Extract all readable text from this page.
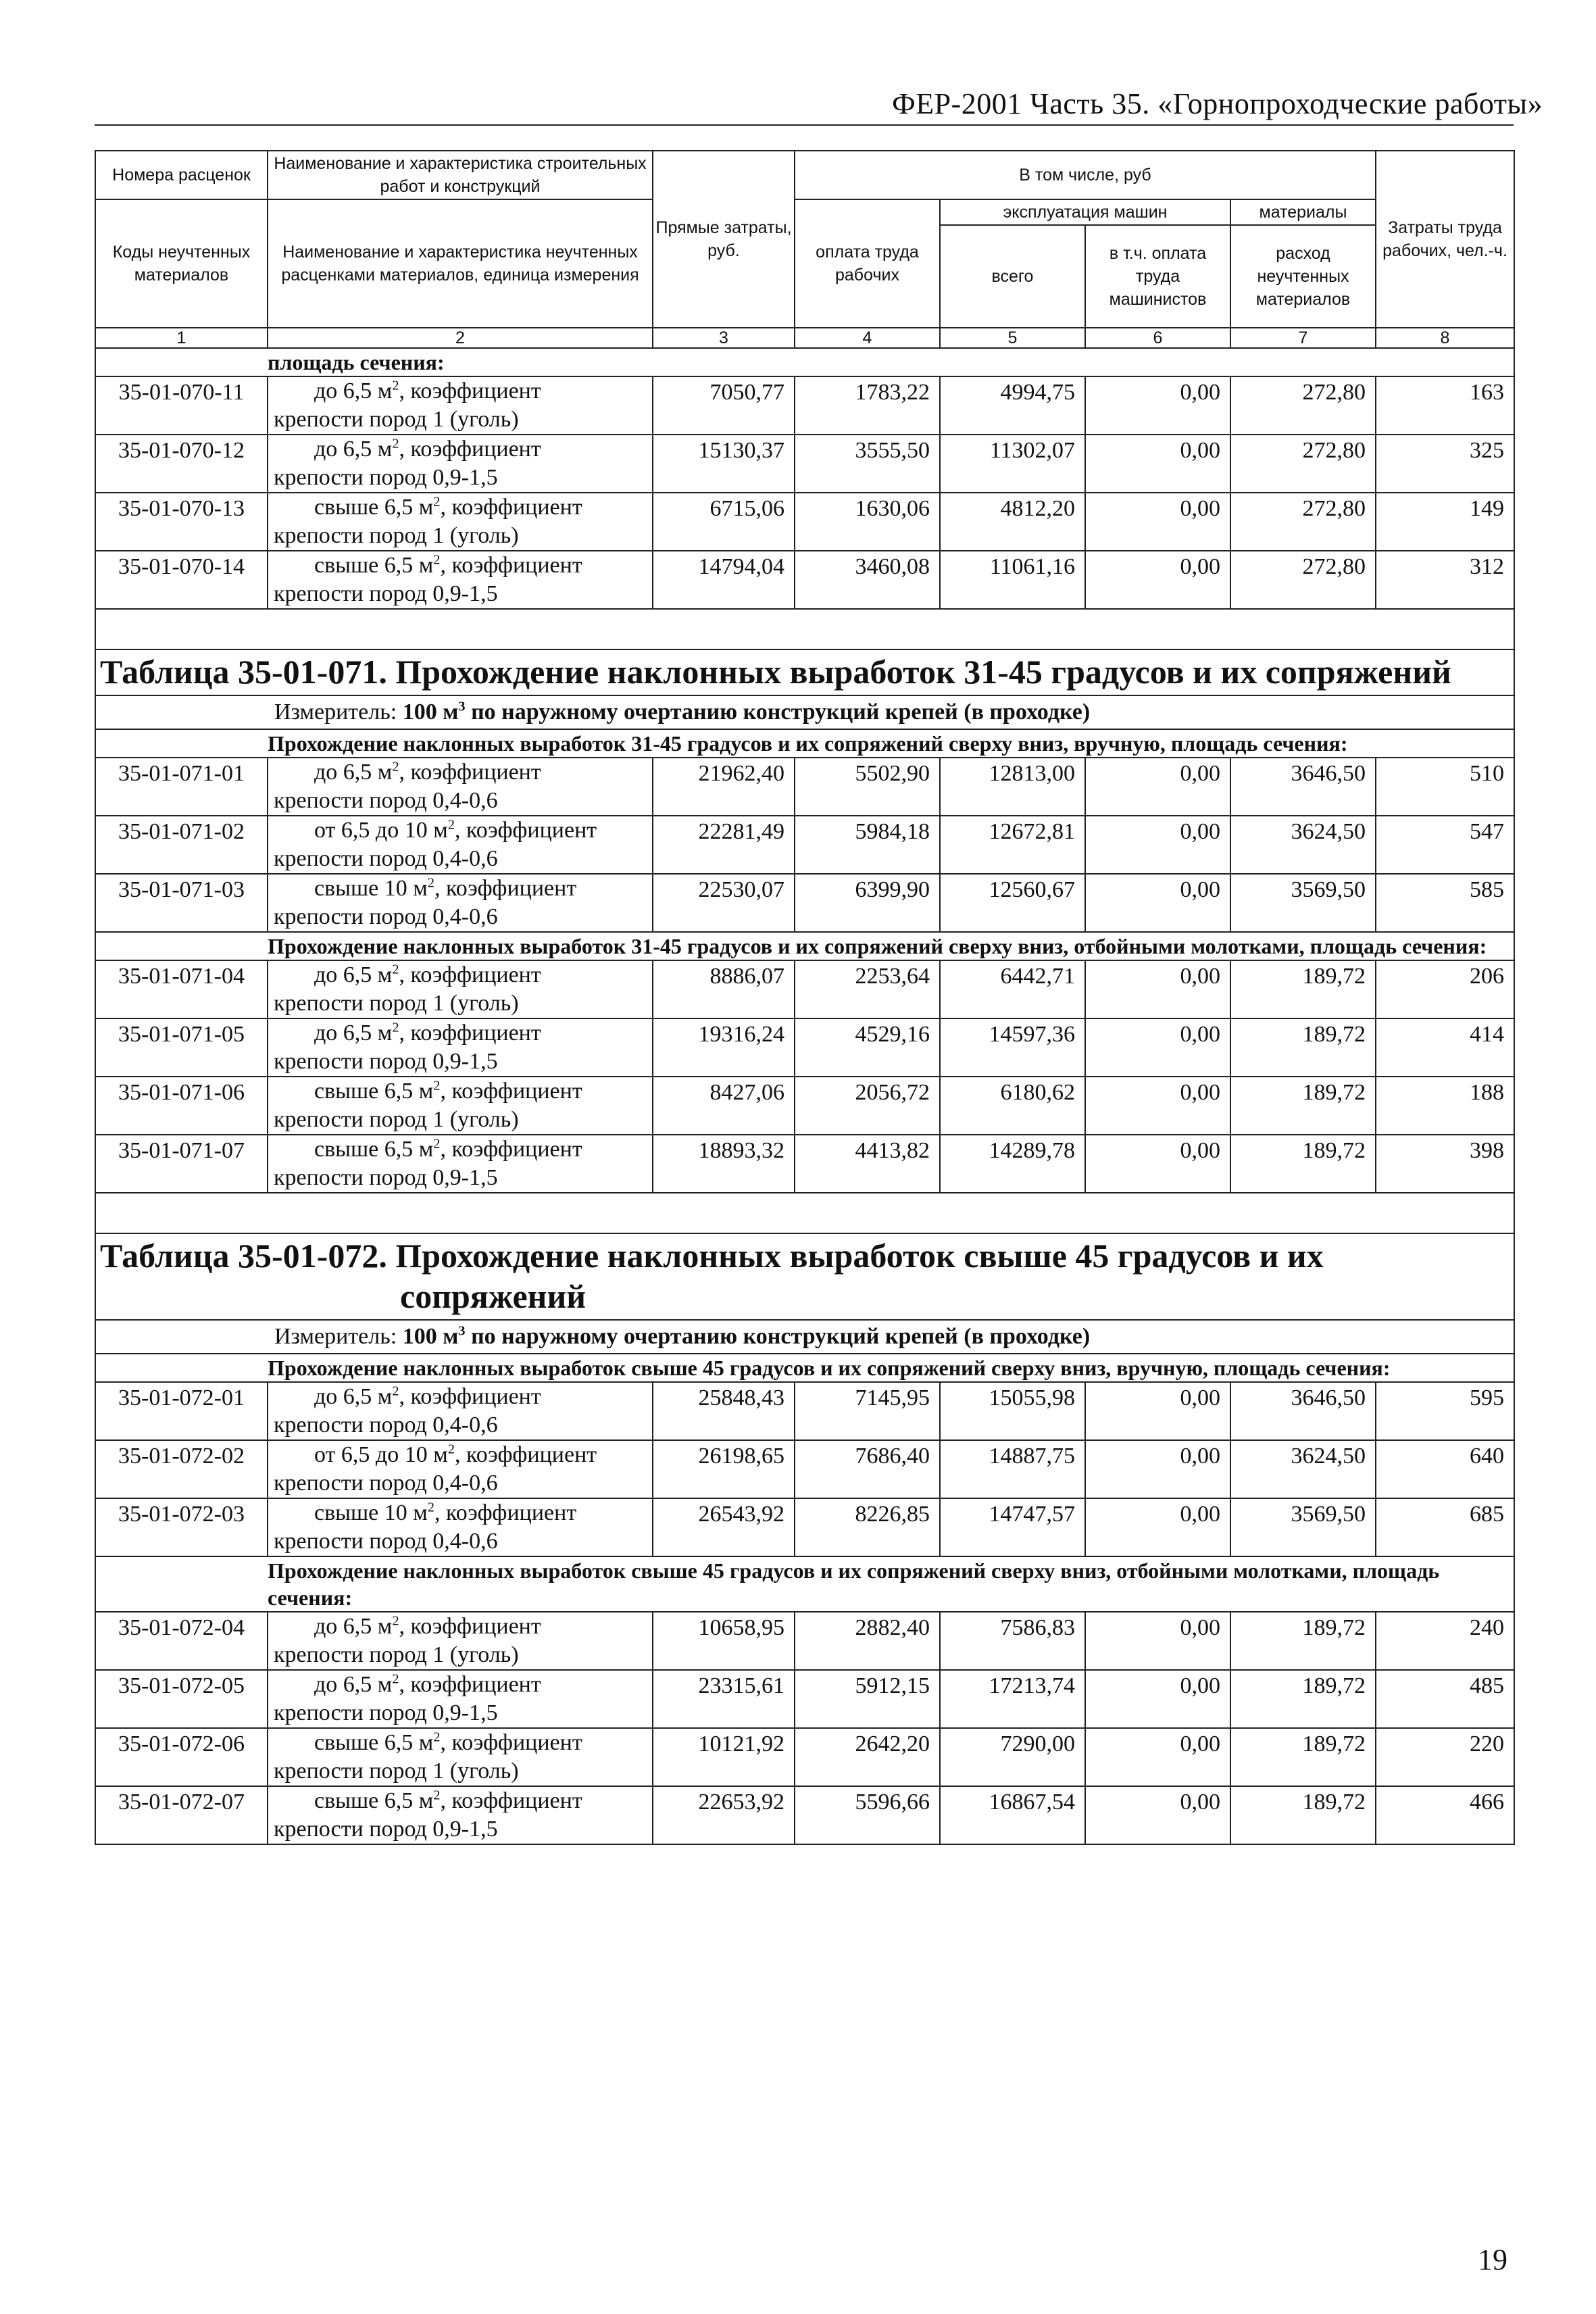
ФЕР-2001 Часть 35. «Горнопроходческие работы»
Номера расценок	Наименование и характеристика строительных работ и конструкций	Прямые затраты, руб.	В том числе, руб				Затраты труда рабочих, чел.-ч.
Коды неучтенных материалов	Наименование и характеристика неучтенных расценками материалов, единица измерения		оплата труда рабочих	эксплуатация машин		материалы	
				всего	в т.ч. оплата труда машинистов	расход неучтенных материалов	
1	2	3	4	5	6	7	8
площадь сечения:							
35-01-070-11	до 6,5 $м^2$, коэффициент
крепости пород 1 (уголь)	7050,77	1783,22	4994,75	0,00	272,80	163
35-01-070-12	до 6,5 $м^2$, коэффициент
крепости пород 0,9-1,5	15130,37	3555,50	11302,07	0,00	272,80	325
35-01-070-13	свыше 6,5 $м^2$, коэффициент
крепости пород 1 (уголь)	6715,06	1630,06	4812,20	0,00	272,80	149
35-01-070-14	свыше 6,5 $м^2$, коэффициент
крепости пород 0,9-1,5	14794,04	3460,08	11061,16	0,00	272,80	312

Таблица 35-01-071. Прохождение наклонных выработок 31-45 градусов и их сопряжений							
Измеритель: 100 $м^3$ по наружному очертанию конструкций крепей (в проходке)							
Прохождение наклонных выработок 31-45 градусов и их сопряжений сверху вниз, вручную, площадь сечения:							
35-01-071-01	до 6,5 $м^2$, коэффициент
крепости пород 0,4-0,6	21962,40	5502,90	12813,00	0,00	3646,50	510
35-01-071-02	от 6,5 до 10 $м^2$, коэффициент
крепости пород 0,4-0,6	22281,49	5984,18	12672,81	0,00	3624,50	547
35-01-071-03	свыше 10 $м^2$, коэффициент
крепости пород 0,4-0,6	22530,07	6399,90	12560,67	0,00	3569,50	585
Прохождение наклонных выработок 31-45 градусов и их сопряжений сверху вниз, отбойными молотками, площадь сечения:							
35-01-071-04	до 6,5 $м^2$, коэффициент
крепости пород 1 (уголь)	8886,07	2253,64	6442,71	0,00	189,72	206
35-01-071-05	до 6,5 $м^2$, коэффициент
крепости пород 0,9-1,5	19316,24	4529,16	14597,36	0,00	189,72	414
35-01-071-06	свыше 6,5 $м^2$, коэффициент
крепости пород 1 (уголь)	8427,06	2056,72	6180,62	0,00	189,72	188
35-01-071-07	свыше 6,5 $м^2$, коэффициент
крепости пород 0,9-1,5	18893,32	4413,82	14289,78	0,00	189,72	398

Таблица 35-01-072. Прохождение наклонных выработок свыше 45 градусов и их
сопряжений							

Измеритель: 100 $м^3$ по наружному очертанию конструкций крепей (в проходке)							
Прохождение наклонных выработок свыше 45 градусов и их сопряжений сверху вниз, вручную, площадь сечения:							
35-01-072-01	до 6,5 $м^2$, коэффициент
крепости пород 0,4-0,6	25848,43	7145,95	15055,98	0,00	3646,50	595
35-01-072-02	от 6,5 до 10 $м^2$, коэффициент
крепости пород 0,4-0,6	26198,65	7686,40	14887,75	0,00	3624,50	640
35-01-072-03	свыше 10 $м^2$, коэффициент
крепости пород 0,4-0,6	26543,92	8226,85	14747,57	0,00	3569,50	685
Прохождение наклонных выработок свыше 45 градусов и их сопряжений сверху вниз, отбойными молотками, площадь сечения:							
35-01-072-04	до 6,5 $м^2$, коэффициент
крепости пород 1 (уголь)	10658,95	2882,40	7586,83	0,00	189,72	240
35-01-072-05	до 6,5 $м^2$, коэффициент
крепости пород 0,9-1,5	23315,61	5912,15	17213,74	0,00	189,72	485
35-01-072-06	свыше 6,5 $м^2$, коэффициент
крепости пород 1 (уголь)	10121,92	2642,20	7290,00	0,00	189,72	220
35-01-072-07	свыше 6,5 $м^2$, коэффициент
крепости пород 0,9-1,5	22653,92	5596,66	16867,54	0,00	189,72	466
19
